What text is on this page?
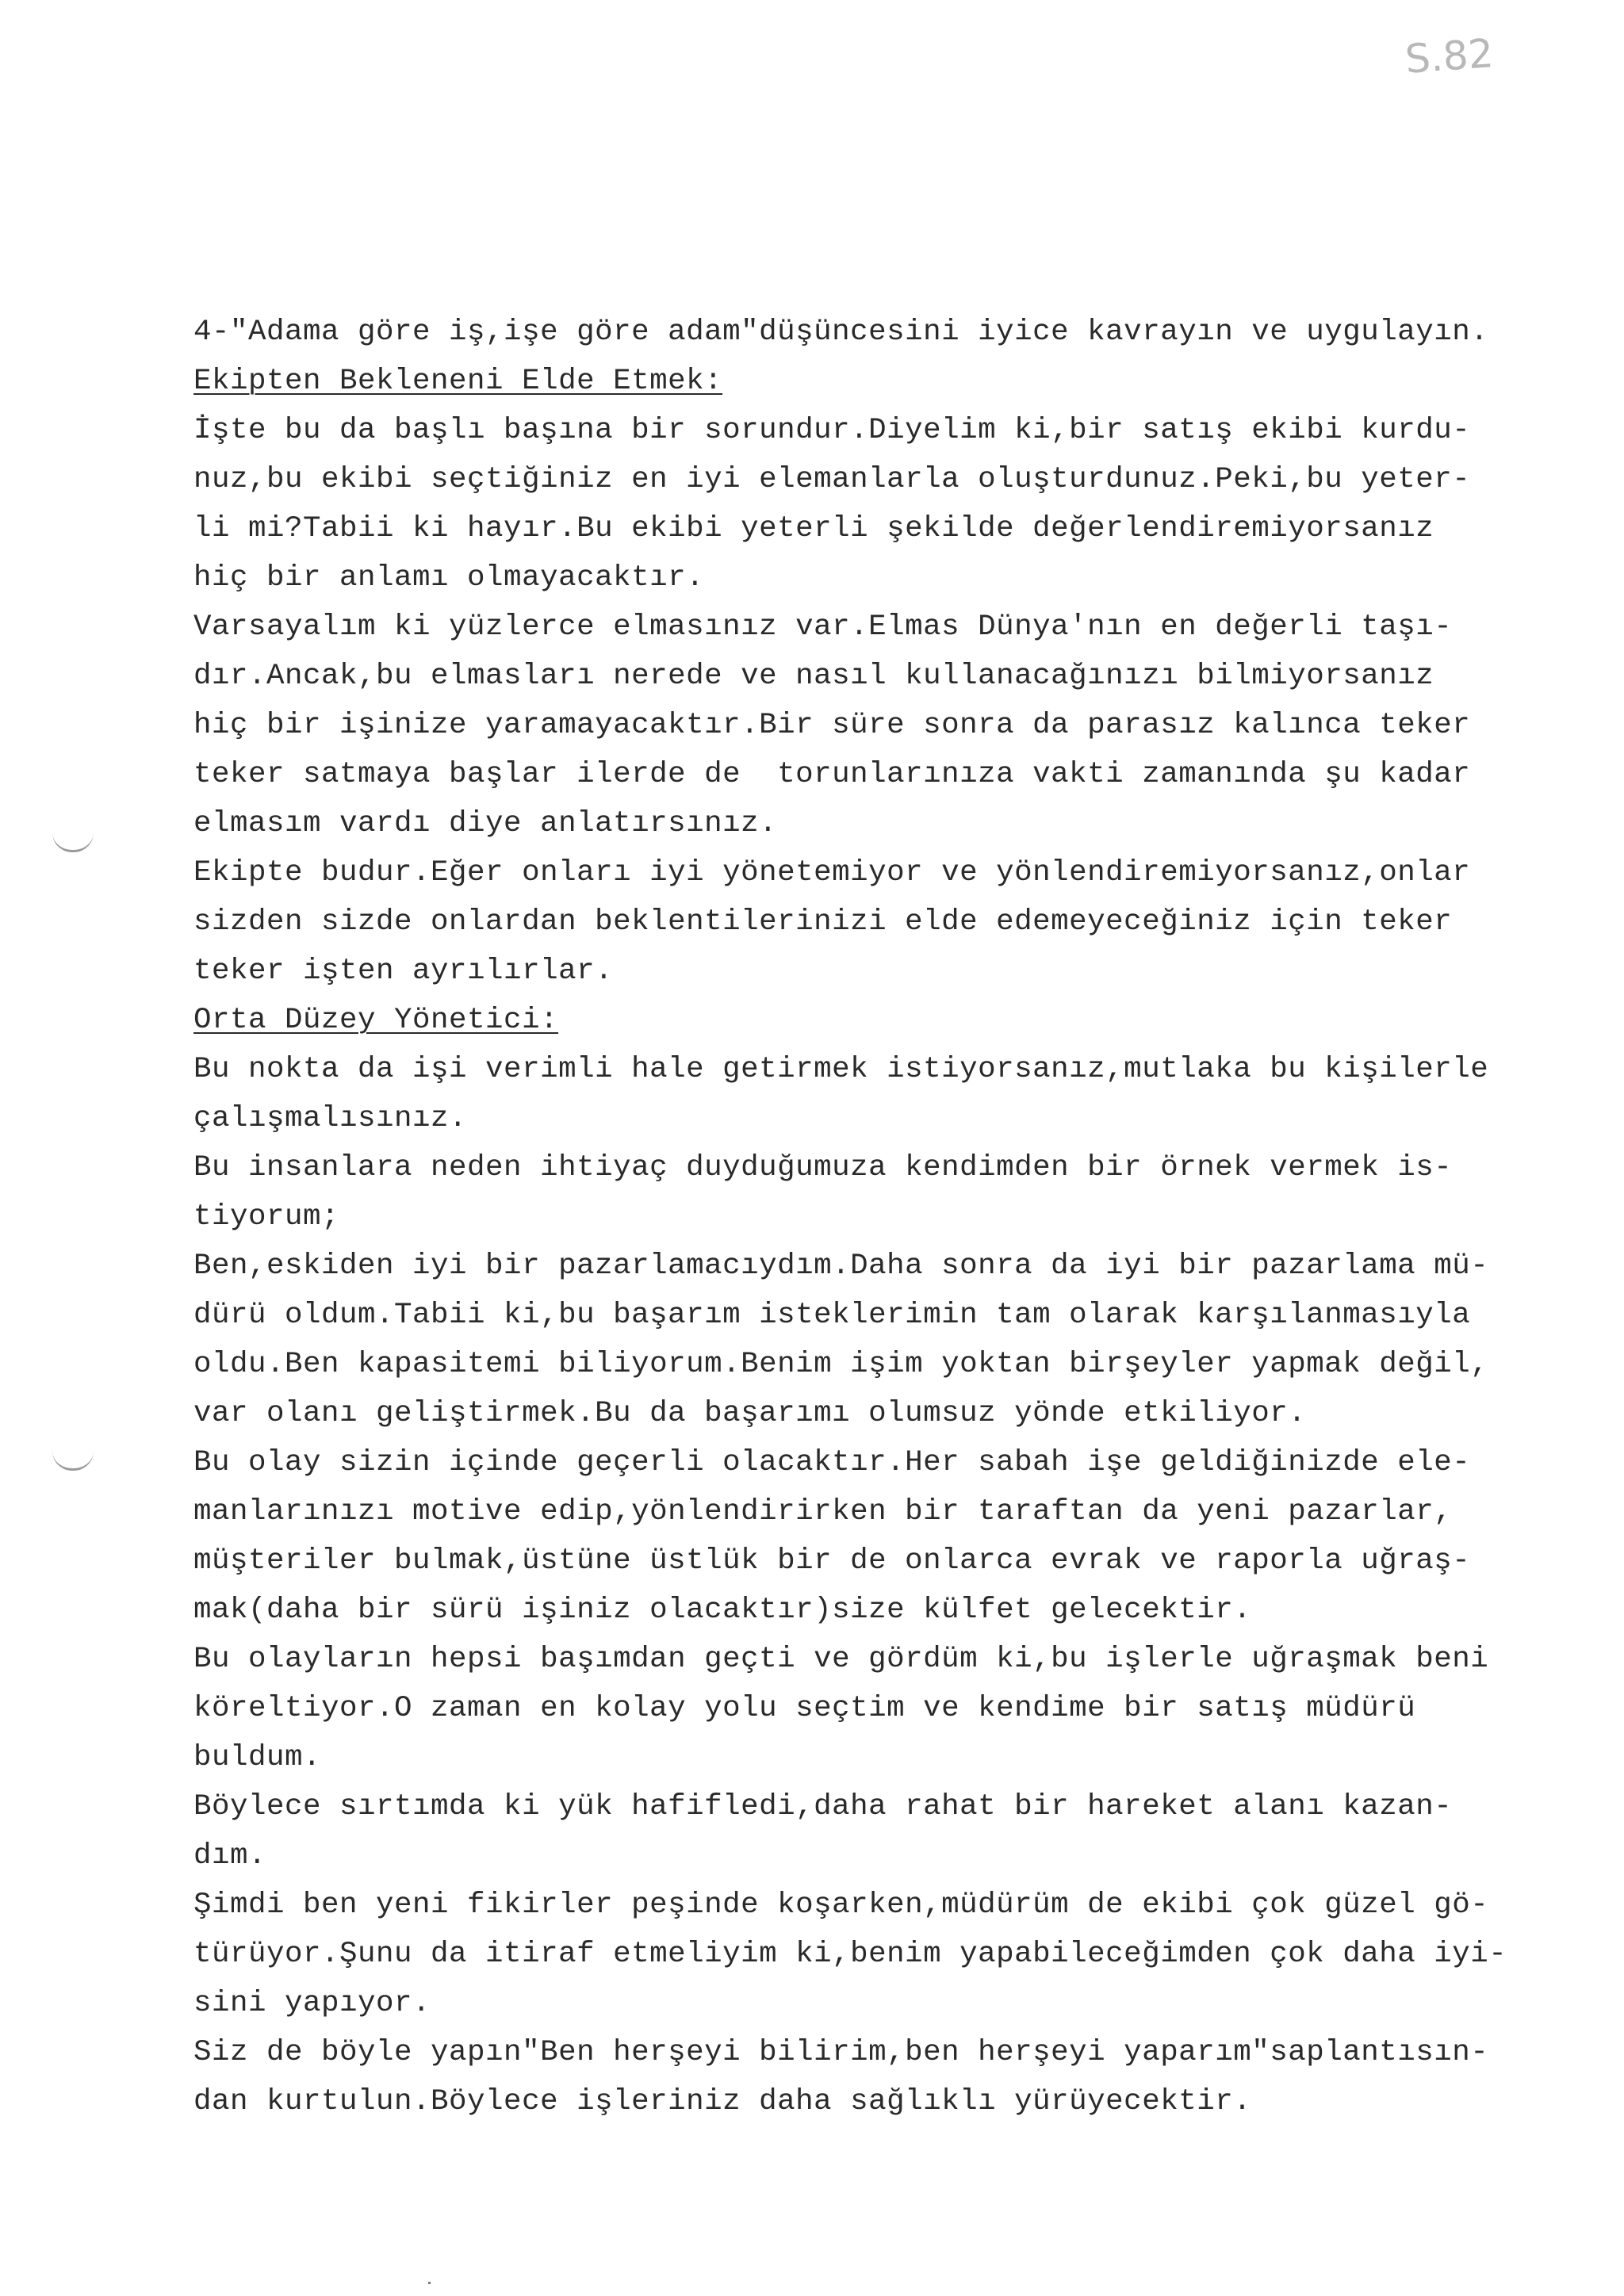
S.82
4-"Adama göre iş,işe göre adam"düşüncesini iyice kavrayın ve uygulayın.
Ekipten Bekleneni Elde Etmek:
İşte bu da başlı başına bir sorundur.Diyelim ki,bir satış ekibi kurdu-
nuz,bu ekibi seçtiğiniz en iyi elemanlarla oluşturdunuz.Peki,bu yeter-
li mi?Tabii ki hayır.Bu ekibi yeterli şekilde değerlendiremiyorsanız
hiç bir anlamı olmayacaktır.
Varsayalım ki yüzlerce elmasınız var.Elmas Dünya'nın en değerli taşı-
dır.Ancak,bu elmasları nerede ve nasıl kullanacağınızı bilmiyorsanız
hiç bir işinize yaramayacaktır.Bir süre sonra da parasız kalınca teker
teker satmaya başlar ilerde de  torunlarınıza vakti zamanında şu kadar
elmasım vardı diye anlatırsınız.
Ekipte budur.Eğer onları iyi yönetemiyor ve yönlendiremiyorsanız,onlar
sizden sizde onlardan beklentilerinizi elde edemeyeceğiniz için teker
teker işten ayrılırlar.
Orta Düzey Yönetici:
Bu nokta da işi verimli hale getirmek istiyorsanız,mutlaka bu kişilerle
çalışmalısınız.
Bu insanlara neden ihtiyaç duyduğumuza kendimden bir örnek vermek is-
tiyorum;
Ben,eskiden iyi bir pazarlamacıydım.Daha sonra da iyi bir pazarlama mü-
dürü oldum.Tabii ki,bu başarım isteklerimin tam olarak karşılanmasıyla
oldu.Ben kapasitemi biliyorum.Benim işim yoktan birşeyler yapmak değil,
var olanı geliştirmek.Bu da başarımı olumsuz yönde etkiliyor.
Bu olay sizin içinde geçerli olacaktır.Her sabah işe geldiğinizde ele-
manlarınızı motive edip,yönlendirirken bir taraftan da yeni pazarlar,
müşteriler bulmak,üstüne üstlük bir de onlarca evrak ve raporla uğraş-
mak(daha bir sürü işiniz olacaktır)size külfet gelecektir.
Bu olayların hepsi başımdan geçti ve gördüm ki,bu işlerle uğraşmak beni
köreltiyor.O zaman en kolay yolu seçtim ve kendime bir satış müdürü
buldum.
Böylece sırtımda ki yük hafifledi,daha rahat bir hareket alanı kazan-
dım.
Şimdi ben yeni fikirler peşinde koşarken,müdürüm de ekibi çok güzel gö-
türüyor.Şunu da itiraf etmeliyim ki,benim yapabileceğimden çok daha iyi-
sini yapıyor.
Siz de böyle yapın"Ben herşeyi bilirim,ben herşeyi yaparım"saplantısın-
dan kurtulun.Böylece işleriniz daha sağlıklı yürüyecektir.
